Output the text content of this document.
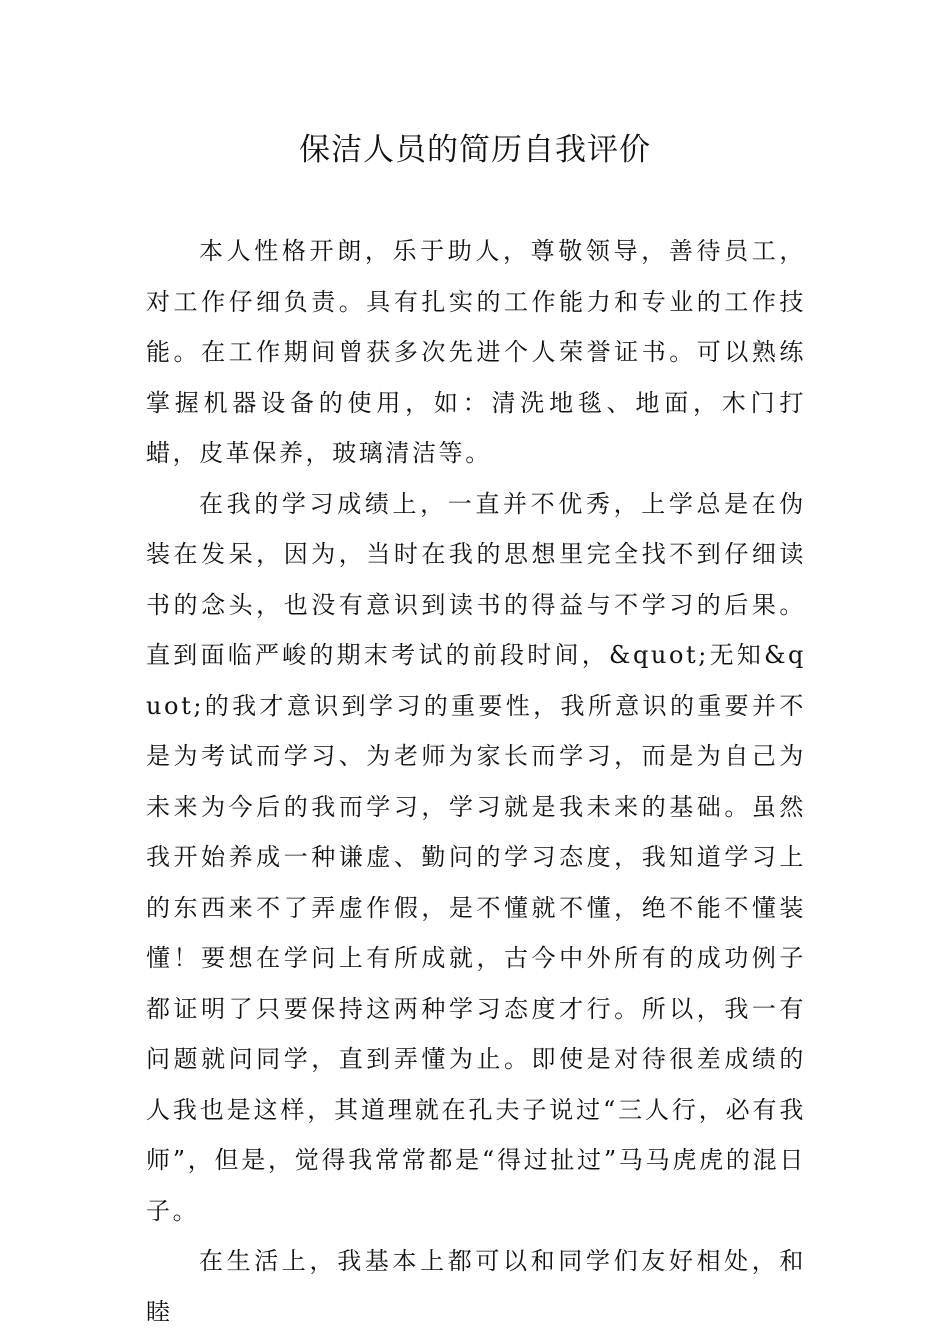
保洁人员的简历自我评价

本人性格开朗，乐于助人，尊敬领导，善待员工，对工作仔细负责。具有扎实的工作能力和专业的工作技能。在工作期间曾获多次先进个人荣誉证书。可以熟练掌握机器设备的使用，如：清洗地毯、地面，木门打蜡，皮革保养，玻璃清洁等。

在我的学习成绩上，一直并不优秀，上学总是在伪装在发呆，因为，当时在我的思想里完全找不到仔细读书的念头，也没有意识到读书的得益与不学习的后果。直到面临严峻的期末考试的前段时间，&quot;无知&quot;的我才意识到学习的重要性，我所意识的重要并不是为考试而学习、为老师为家长而学习，而是为自己为未来为今后的我而学习，学习就是我未来的基础。虽然我开始养成一种谦虚、勤问的学习态度，我知道学习上的东西来不了弄虚作假，是不懂就不懂，绝不能不懂装懂！要想在学问上有所成就，古今中外所有的成功例子都证明了只要保持这两种学习态度才行。所以，我一有问题就问同学，直到弄懂为止。即使是对待很差成绩的人我也是这样，其道理就在孔夫子说过“三人行，必有我师”，但是，觉得我常常都是“得过扯过”马马虎虎的混日子。

在生活上，我基本上都可以和同学们友好相处，和睦
